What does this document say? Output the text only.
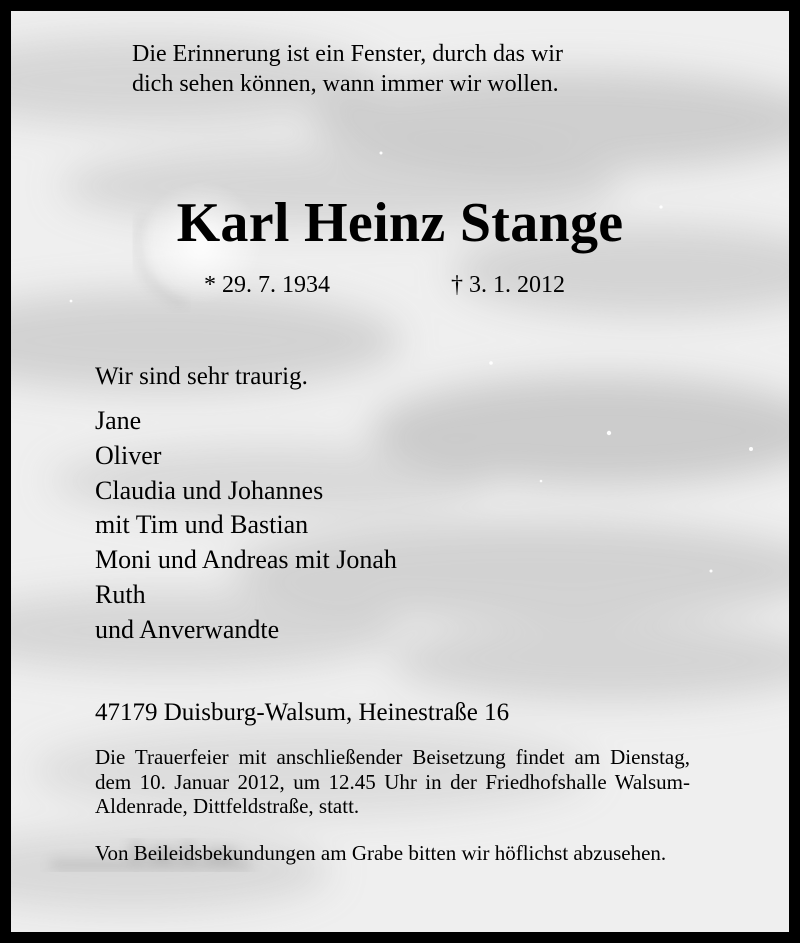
Die Erinnerung ist ein Fenster, durch das wir
dich sehen können, wann immer wir wollen.
Karl Heinz Stange
* 29. 7. 1934	† 3. 1. 2012
Wir sind sehr traurig.
Jane
Oliver
Claudia und Johannes
mit Tim und Bastian
Moni und Andreas mit Jonah
Ruth
und Anverwandte
47179 Duisburg-Walsum, Heinestraße 16
Die Trauerfeier mit anschließender Beisetzung findet am Dienstag, dem 10. Januar 2012, um 12.45 Uhr in der Friedhofshalle Walsum-Aldenrade, Dittfeldstraße, statt.
Von Beileidsbekundungen am Grabe bitten wir höflichst abzusehen.
